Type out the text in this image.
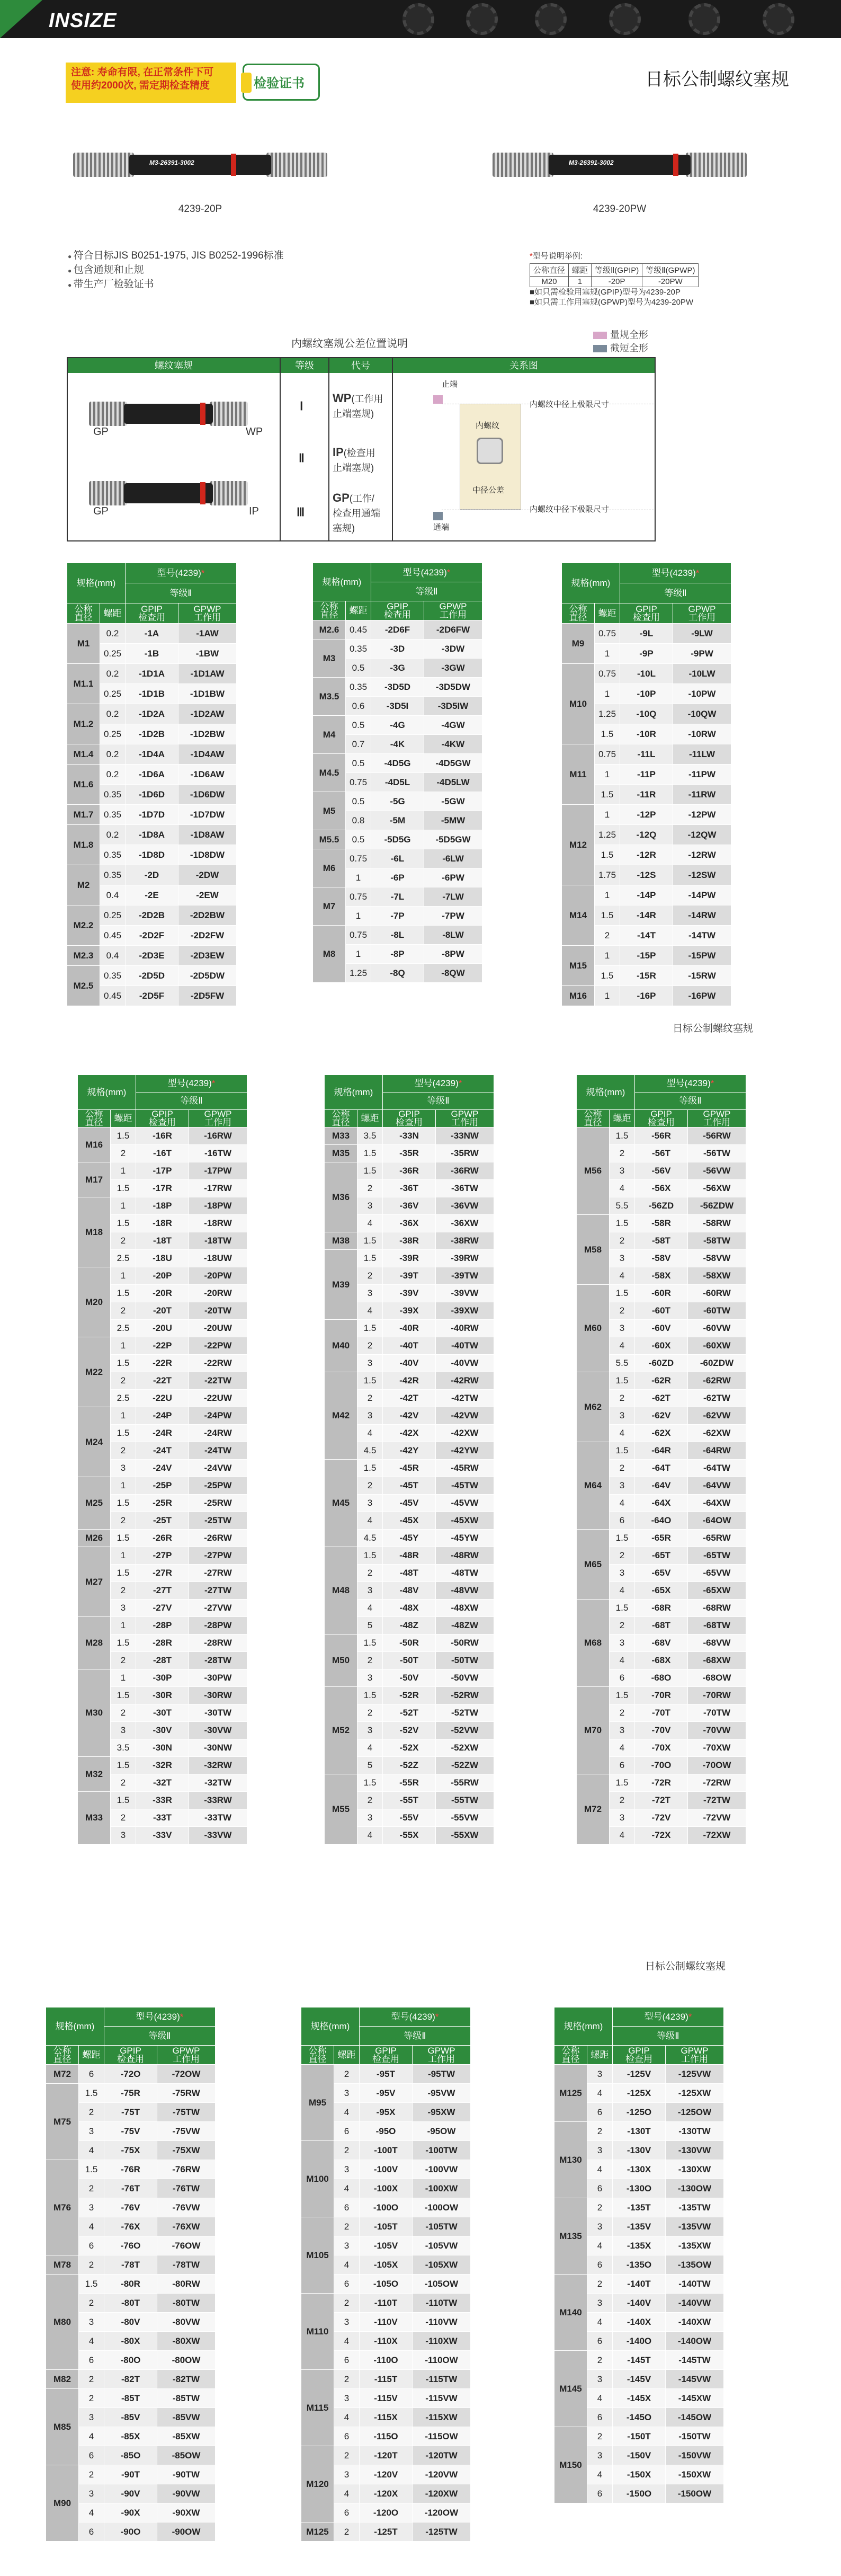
INSIZE
注意: 寿命有限, 在正常条件下可
使用约2000次, 需定期检查精度	检验证书	日标公制螺纹塞规
M3-26391-3002
4239-20P
M3-26391-3002
4239-20PW
● 符合日标JIS B0251-1975, JIS B0252-1996标准
● 包含通规和止规
● 带生产厂检验证书
*型号说明举例:
公称直径	螺距	等级Ⅱ(GPIP)	等级Ⅱ(GPWP)
M20	1	-20P	-20PW
■如只需检验用塞规(GPIP)型号为4239-20P
■如只需工作用塞规(GPWP)型号为4239-20PW
量规全形
截短全形
内螺纹塞规公差位置说明
螺纹塞规	等级	代号	关系图
GP	WP
GP	IP
Ⅰ
Ⅱ
Ⅲ
WP(工作用
止端塞规)
IP(检查用
止端塞规)
GP(工作/
检查用通端
塞规)
止端
通端
内螺纹
中径公差
内螺纹中径上极限尺寸
内螺纹中径下极限尺寸
规格(mm)		型号(4239)*	
		等级Ⅱ	
公称
直径	螺距	GPIP
检查用	GPWP
工作用
M1	0.2	-1A	-1AW
	0.25	-1B	-1BW
M1.1	0.2	-1D1A	-1D1AW
	0.25	-1D1B	-1D1BW
M1.2	0.2	-1D2A	-1D2AW
	0.25	-1D2B	-1D2BW
M1.4	0.2	-1D4A	-1D4AW
M1.6	0.2	-1D6A	-1D6AW
	0.35	-1D6D	-1D6DW
M1.7	0.35	-1D7D	-1D7DW
M1.8	0.2	-1D8A	-1D8AW
	0.35	-1D8D	-1D8DW
M2	0.35	-2D	-2DW
	0.4	-2E	-2EW
M2.2	0.25	-2D2B	-2D2BW
	0.45	-2D2F	-2D2FW
M2.3	0.4	-2D3E	-2D3EW
M2.5	0.35	-2D5D	-2D5DW
	0.45	-2D5F	-2D5FW
规格(mm)		型号(4239)*	
		等级Ⅱ	
公称
直径	螺距	GPIP
检查用	GPWP
工作用
M2.6	0.45	-2D6F	-2D6FW
M3	0.35	-3D	-3DW
	0.5	-3G	-3GW
M3.5	0.35	-3D5D	-3D5DW
	0.6	-3D5I	-3D5IW
M4	0.5	-4G	-4GW
	0.7	-4K	-4KW
M4.5	0.5	-4D5G	-4D5GW
	0.75	-4D5L	-4D5LW
M5	0.5	-5G	-5GW
	0.8	-5M	-5MW
M5.5	0.5	-5D5G	-5D5GW
M6	0.75	-6L	-6LW
	1	-6P	-6PW
M7	0.75	-7L	-7LW
	1	-7P	-7PW
M8	0.75	-8L	-8LW
	1	-8P	-8PW
	1.25	-8Q	-8QW
规格(mm)		型号(4239)*	
		等级Ⅱ	
公称
直径	螺距	GPIP
检查用	GPWP
工作用
M9	0.75	-9L	-9LW
	1	-9P	-9PW
M10	0.75	-10L	-10LW
	1	-10P	-10PW
	1.25	-10Q	-10QW
	1.5	-10R	-10RW
M11	0.75	-11L	-11LW
	1	-11P	-11PW
	1.5	-11R	-11RW
M12	1	-12P	-12PW
	1.25	-12Q	-12QW
	1.5	-12R	-12RW
	1.75	-12S	-12SW
M14	1	-14P	-14PW
	1.5	-14R	-14RW
	2	-14T	-14TW
M15	1	-15P	-15PW
	1.5	-15R	-15RW
M16	1	-16P	-16PW
规格(mm)		型号(4239)*	
		等级Ⅱ	
公称
直径	螺距	GPIP
检查用	GPWP
工作用
M16	1.5	-16R	-16RW
	2	-16T	-16TW
M17	1	-17P	-17PW
	1.5	-17R	-17RW
M18	1	-18P	-18PW
	1.5	-18R	-18RW
	2	-18T	-18TW
	2.5	-18U	-18UW
M20	1	-20P	-20PW
	1.5	-20R	-20RW
	2	-20T	-20TW
	2.5	-20U	-20UW
M22	1	-22P	-22PW
	1.5	-22R	-22RW
	2	-22T	-22TW
	2.5	-22U	-22UW
M24	1	-24P	-24PW
	1.5	-24R	-24RW
	2	-24T	-24TW
	3	-24V	-24VW
M25	1	-25P	-25PW
	1.5	-25R	-25RW
	2	-25T	-25TW
M26	1.5	-26R	-26RW
M27	1	-27P	-27PW
	1.5	-27R	-27RW
	2	-27T	-27TW
	3	-27V	-27VW
M28	1	-28P	-28PW
	1.5	-28R	-28RW
	2	-28T	-28TW
M30	1	-30P	-30PW
	1.5	-30R	-30RW
	2	-30T	-30TW
	3	-30V	-30VW
	3.5	-30N	-30NW
M32	1.5	-32R	-32RW
	2	-32T	-32TW
M33	1.5	-33R	-33RW
	2	-33T	-33TW
	3	-33V	-33VW
规格(mm)		型号(4239)*	
		等级Ⅱ	
公称
直径	螺距	GPIP
检查用	GPWP
工作用
M33	3.5	-33N	-33NW
M35	1.5	-35R	-35RW
M36	1.5	-36R	-36RW
	2	-36T	-36TW
	3	-36V	-36VW
	4	-36X	-36XW
M38	1.5	-38R	-38RW
M39	1.5	-39R	-39RW
	2	-39T	-39TW
	3	-39V	-39VW
	4	-39X	-39XW
M40	1.5	-40R	-40RW
	2	-40T	-40TW
	3	-40V	-40VW
M42	1.5	-42R	-42RW
	2	-42T	-42TW
	3	-42V	-42VW
	4	-42X	-42XW
	4.5	-42Y	-42YW
M45	1.5	-45R	-45RW
	2	-45T	-45TW
	3	-45V	-45VW
	4	-45X	-45XW
	4.5	-45Y	-45YW
M48	1.5	-48R	-48RW
	2	-48T	-48TW
	3	-48V	-48VW
	4	-48X	-48XW
	5	-48Z	-48ZW
M50	1.5	-50R	-50RW
	2	-50T	-50TW
	3	-50V	-50VW
M52	1.5	-52R	-52RW
	2	-52T	-52TW
	3	-52V	-52VW
	4	-52X	-52XW
	5	-52Z	-52ZW
M55	1.5	-55R	-55RW
	2	-55T	-55TW
	3	-55V	-55VW
	4	-55X	-55XW
规格(mm)		型号(4239)*	
		等级Ⅱ	
公称
直径	螺距	GPIP
检查用	GPWP
工作用
M56	1.5	-56R	-56RW
	2	-56T	-56TW
	3	-56V	-56VW
	4	-56X	-56XW
	5.5	-56ZD	-56ZDW
M58	1.5	-58R	-58RW
	2	-58T	-58TW
	3	-58V	-58VW
	4	-58X	-58XW
M60	1.5	-60R	-60RW
	2	-60T	-60TW
	3	-60V	-60VW
	4	-60X	-60XW
	5.5	-60ZD	-60ZDW
M62	1.5	-62R	-62RW
	2	-62T	-62TW
	3	-62V	-62VW
	4	-62X	-62XW
M64	1.5	-64R	-64RW
	2	-64T	-64TW
	3	-64V	-64VW
	4	-64X	-64XW
	6	-64O	-64OW
M65	1.5	-65R	-65RW
	2	-65T	-65TW
	3	-65V	-65VW
	4	-65X	-65XW
M68	1.5	-68R	-68RW
	2	-68T	-68TW
	3	-68V	-68VW
	4	-68X	-68XW
	6	-68O	-68OW
M70	1.5	-70R	-70RW
	2	-70T	-70TW
	3	-70V	-70VW
	4	-70X	-70XW
	6	-70O	-70OW
M72	1.5	-72R	-72RW
	2	-72T	-72TW
	3	-72V	-72VW
	4	-72X	-72XW
规格(mm)		型号(4239)*	
		等级Ⅱ	
公称
直径	螺距	GPIP
检查用	GPWP
工作用
M72	6	-72O	-72OW
M75	1.5	-75R	-75RW
	2	-75T	-75TW
	3	-75V	-75VW
	4	-75X	-75XW
M76	1.5	-76R	-76RW
	2	-76T	-76TW
	3	-76V	-76VW
	4	-76X	-76XW
	6	-76O	-76OW
M78	2	-78T	-78TW
M80	1.5	-80R	-80RW
	2	-80T	-80TW
	3	-80V	-80VW
	4	-80X	-80XW
	6	-80O	-80OW
M82	2	-82T	-82TW
M85	2	-85T	-85TW
	3	-85V	-85VW
	4	-85X	-85XW
	6	-85O	-85OW
M90	2	-90T	-90TW
	3	-90V	-90VW
	4	-90X	-90XW
	6	-90O	-90OW
规格(mm)		型号(4239)*	
		等级Ⅱ	
公称
直径	螺距	GPIP
检查用	GPWP
工作用
M95	2	-95T	-95TW
	3	-95V	-95VW
	4	-95X	-95XW
	6	-95O	-95OW
M100	2	-100T	-100TW
	3	-100V	-100VW
	4	-100X	-100XW
	6	-100O	-100OW
M105	2	-105T	-105TW
	3	-105V	-105VW
	4	-105X	-105XW
	6	-105O	-105OW
M110	2	-110T	-110TW
	3	-110V	-110VW
	4	-110X	-110XW
	6	-110O	-110OW
M115	2	-115T	-115TW
	3	-115V	-115VW
	4	-115X	-115XW
	6	-115O	-115OW
M120	2	-120T	-120TW
	3	-120V	-120VW
	4	-120X	-120XW
	6	-120O	-120OW
M125	2	-125T	-125TW
规格(mm)		型号(4239)*	
		等级Ⅱ	
公称
直径	螺距	GPIP
检查用	GPWP
工作用
M125	3	-125V	-125VW
	4	-125X	-125XW
	6	-125O	-125OW
M130	2	-130T	-130TW
	3	-130V	-130VW
	4	-130X	-130XW
	6	-130O	-130OW
M135	2	-135T	-135TW
	3	-135V	-135VW
	4	-135X	-135XW
	6	-135O	-135OW
M140	2	-140T	-140TW
	3	-140V	-140VW
	4	-140X	-140XW
	6	-140O	-140OW
M145	2	-145T	-145TW
	3	-145V	-145VW
	4	-145X	-145XW
	6	-145O	-145OW
M150	2	-150T	-150TW
	3	-150V	-150VW
	4	-150X	-150XW
	6	-150O	-150OW
日标公制螺纹塞规
日标公制螺纹塞规
